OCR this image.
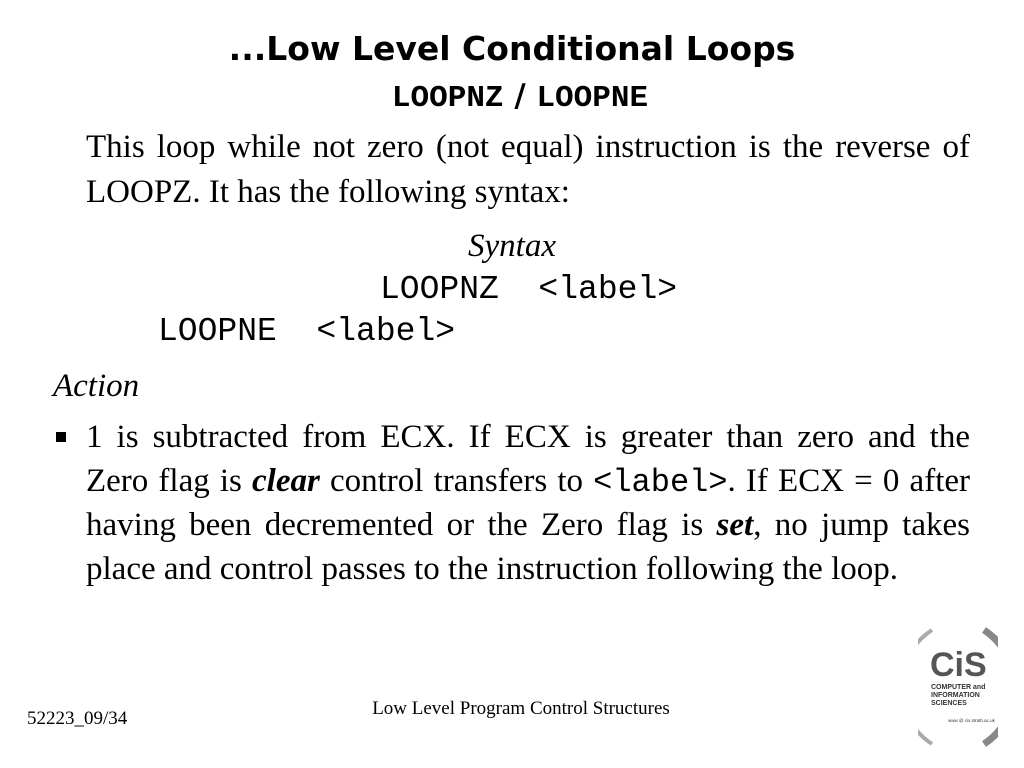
...Low Level Conditional Loops
LOOPNZ / LOOPNE
This loop while not zero (not equal) instruction is the reverse of LOOPZ. It has the following syntax:
Syntax
LOOPNZ  <label>
LOOPNE  <label>
Action
1 is subtracted from ECX. If ECX is greater than zero and the Zero flag is clear control transfers to <label>. If ECX = 0 after having been decremented or the Zero flag is set, no jump takes place and control passes to the instruction following the loop.
52223_09/34	Low Level Program Control Structures
CiS
COMPUTER and
INFORMATION
SCIENCES
www @ cis.strath.ac.uk
